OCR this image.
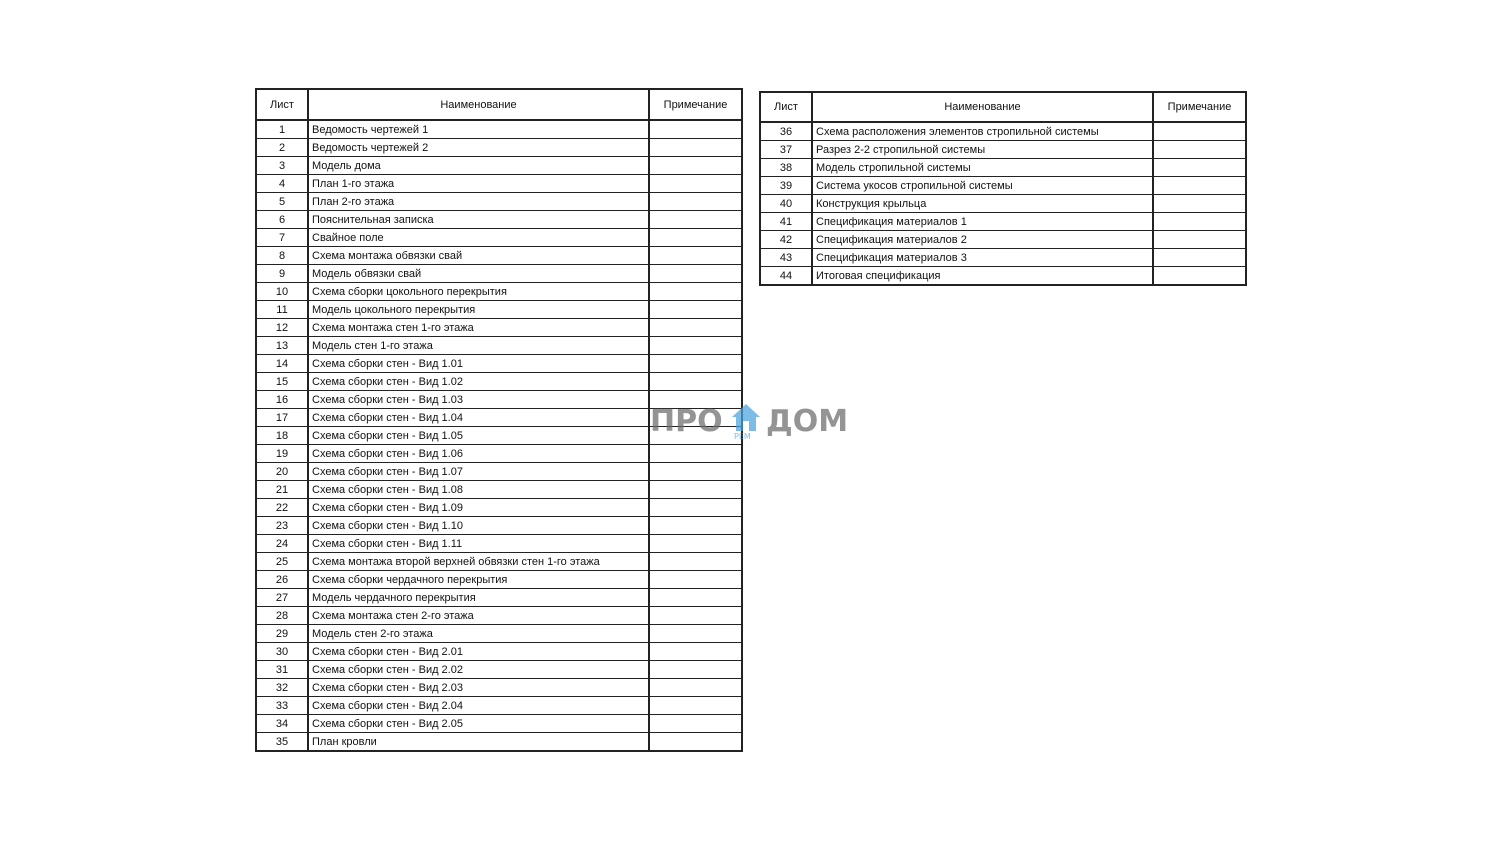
Лист	Наименование	Примечание
1	Ведомость чертежей 1	
2	Ведомость чертежей 2	
3	Модель дома	
4	План 1-го этажа	
5	План 2-го этажа	
6	Пояснительная записка	
7	Свайное поле	
8	Схема монтажа обвязки свай	
9	Модель обвязки свай	
10	Схема сборки цокольного перекрытия	
11	Модель цокольного перекрытия	
12	Схема монтажа стен 1-го этажа	
13	Модель стен 1-го этажа	
14	Схема сборки стен - Вид 1.01	
15	Схема сборки стен - Вид 1.02	
16	Схема сборки стен - Вид 1.03	
17	Схема сборки стен - Вид 1.04	
18	Схема сборки стен - Вид 1.05	
19	Схема сборки стен - Вид 1.06	
20	Схема сборки стен - Вид 1.07	
21	Схема сборки стен - Вид 1.08	
22	Схема сборки стен - Вид 1.09	
23	Схема сборки стен - Вид 1.10	
24	Схема сборки стен - Вид 1.11	
25	Схема монтажа второй верхней обвязки стен 1-го этажа	
26	Схема сборки чердачного перекрытия	
27	Модель чердачного перекрытия	
28	Схема монтажа стен 2-го этажа	
29	Модель стен 2-го этажа	
30	Схема сборки стен - Вид 2.01	
31	Схема сборки стен - Вид 2.02	
32	Схема сборки стен - Вид 2.03	
33	Схема сборки стен - Вид 2.04	
34	Схема сборки стен - Вид 2.05	
35	План кровли	
Лист	Наименование	Примечание
36	Схема расположения элементов стропильной системы	
37	Разрез 2-2 стропильной системы	
38	Модель стропильной системы	
39	Система укосов стропильной системы	
40	Конструкция крыльца	
41	Спецификация материалов 1	
42	Спецификация материалов 2	
43	Спецификация материалов 3	
44	Итоговая спецификация	
ПРО РЕМ ДОМ
